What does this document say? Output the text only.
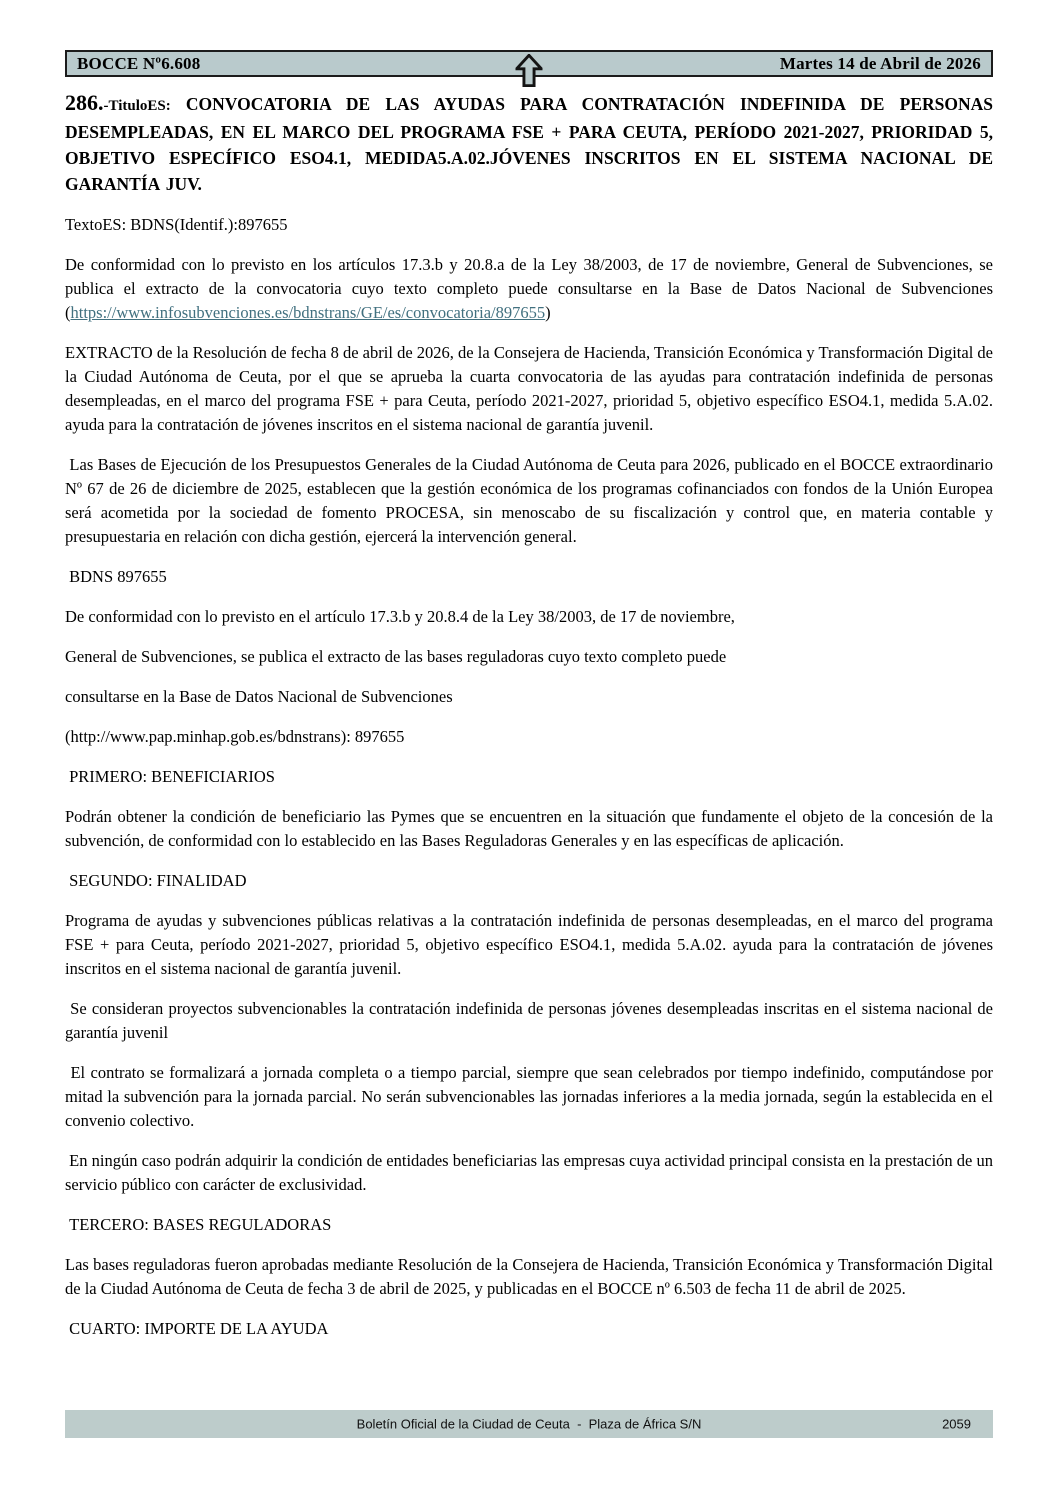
BOCCE Nº6.608	Martes 14 de Abril de 2026

286.-TituloES: CONVOCATORIA DE LAS AYUDAS PARA CONTRATACIÓN INDEFINIDA DE PERSONAS DESEMPLEADAS, EN EL MARCO DEL PROGRAMA FSE + PARA CEUTA, PERÍODO 2021-2027, PRIORIDAD 5, OBJETIVO ESPECÍFICO ESO4.1, MEDIDA5.A.02.JÓVENES INSCRITOS EN EL SISTEMA NACIONAL DE GARANTÍA JUV.

TextoES: BDNS(Identif.):897655

De conformidad con lo previsto en los artículos 17.3.b y 20.8.a de la Ley 38/2003, de 17 de noviembre, General de Subvenciones, se publica el extracto de la convocatoria cuyo texto completo puede consultarse en la Base de Datos Nacional de Subvenciones (https://www.infosubvenciones.es/bdnstrans/GE/es/convocatoria/897655)

EXTRACTO de la Resolución de fecha 8 de abril de 2026, de la Consejera de Hacienda, Transición Económica y Transformación Digital de la Ciudad Autónoma de Ceuta, por el que se aprueba la cuarta convocatoria de las ayudas para contratación indefinida de personas desempleadas, en el marco del programa FSE + para Ceuta, período 2021-2027, prioridad 5, objetivo específico ESO4.1, medida 5.A.02. ayuda para la contratación de jóvenes inscritos en el sistema nacional de garantía juvenil.

Las Bases de Ejecución de los Presupuestos Generales de la Ciudad Autónoma de Ceuta para 2026, publicado en el BOCCE extraordinario Nº 67 de 26 de diciembre de 2025, establecen que la gestión económica de los programas cofinanciados con fondos de la Unión Europea será acometida por la sociedad de fomento PROCESA, sin menoscabo de su fiscalización y control que, en materia contable y presupuestaria en relación con dicha gestión, ejercerá la intervención general.

BDNS 897655

De conformidad con lo previsto en el artículo 17.3.b y 20.8.4 de la Ley 38/2003, de 17 de noviembre,

General de Subvenciones, se publica el extracto de las bases reguladoras cuyo texto completo puede

consultarse en la Base de Datos Nacional de Subvenciones

(http://www.pap.minhap.gob.es/bdnstrans): 897655

PRIMERO: BENEFICIARIOS

Podrán obtener la condición de beneficiario las Pymes que se encuentren en la situación que fundamente el objeto de la concesión de la subvención, de conformidad con lo establecido en las Bases Reguladoras Generales y en las específicas de aplicación.

SEGUNDO: FINALIDAD

Programa de ayudas y subvenciones públicas relativas a la contratación indefinida de personas desempleadas, en el marco del programa FSE + para Ceuta, período 2021-2027, prioridad 5, objetivo específico ESO4.1, medida 5.A.02. ayuda para la contratación de jóvenes inscritos en el sistema nacional de garantía juvenil.

Se consideran proyectos subvencionables la contratación indefinida de personas jóvenes desempleadas inscritas en el sistema nacional de garantía juvenil

El contrato se formalizará a jornada completa o a tiempo parcial, siempre que sean celebrados por tiempo indefinido, computándose por mitad la subvención para la jornada parcial. No serán subvencionables las jornadas inferiores a la media jornada, según la establecida en el convenio colectivo.

En ningún caso podrán adquirir la condición de entidades beneficiarias las empresas cuya actividad principal consista en la prestación de un servicio público con carácter de exclusividad.

TERCERO: BASES REGULADORAS

Las bases reguladoras fueron aprobadas mediante Resolución de la Consejera de Hacienda, Transición Económica y Transformación Digital de la Ciudad Autónoma de Ceuta de fecha 3 de abril de 2025, y publicadas en el BOCCE nº 6.503 de fecha 11 de abril de 2025.

CUARTO: IMPORTE DE LA AYUDA

Boletín Oficial de la Ciudad de Ceuta  -  Plaza de África S/N	2059
